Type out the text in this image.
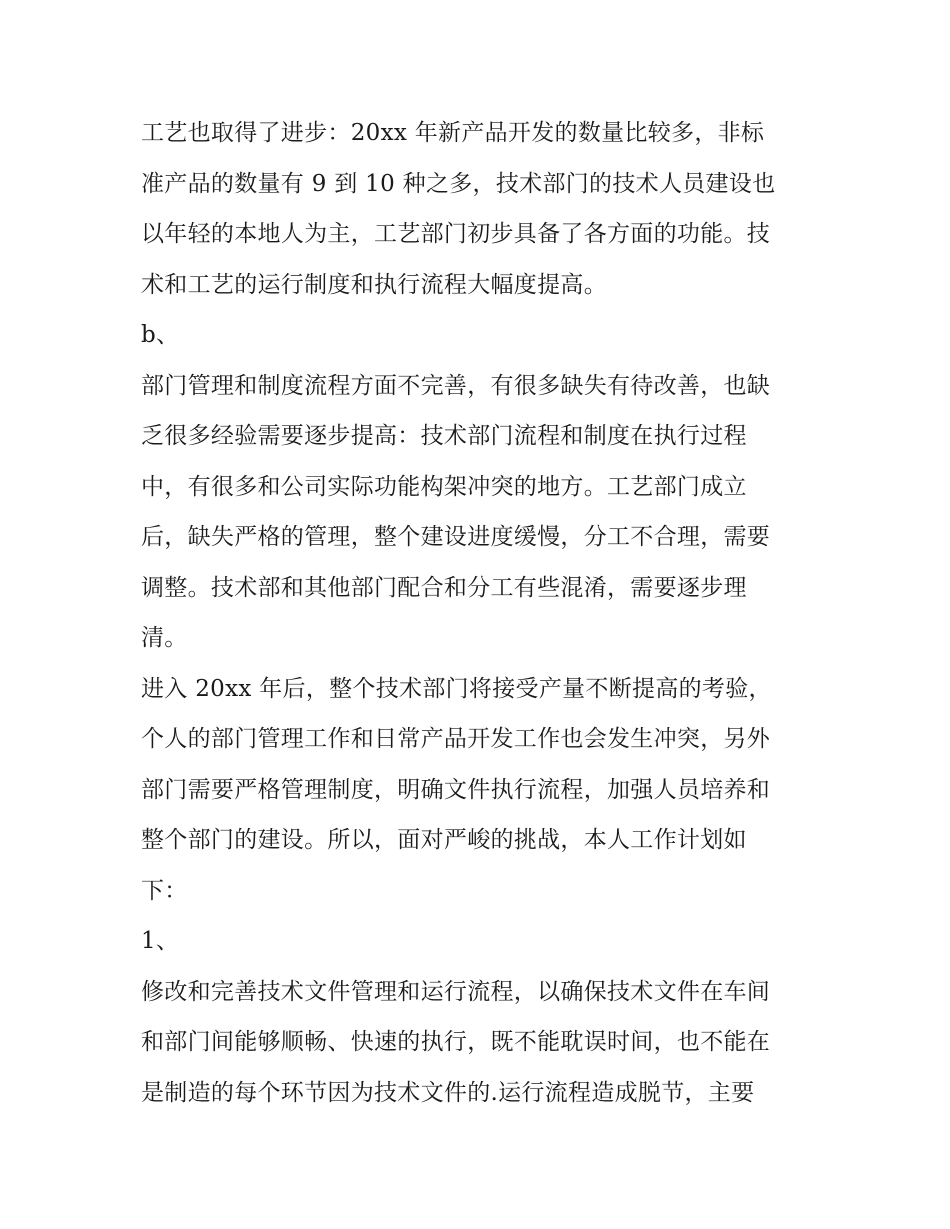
工艺也取得了进步：20xx 年新产品开发的数量比较多，非标
准产品的数量有 9 到 10 种之多，技术部门的技术人员建设也
以年轻的本地人为主，工艺部门初步具备了各方面的功能。技
术和工艺的运行制度和执行流程大幅度提高。
b、
部门管理和制度流程方面不完善，有很多缺失有待改善，也缺
乏很多经验需要逐步提高：技术部门流程和制度在执行过程
中，有很多和公司实际功能构架冲突的地方。工艺部门成立
后，缺失严格的管理，整个建设进度缓慢，分工不合理，需要
调整。技术部和其他部门配合和分工有些混淆，需要逐步理
清。
进入 20xx 年后，整个技术部门将接受产量不断提高的考验，
个人的部门管理工作和日常产品开发工作也会发生冲突，另外
部门需要严格管理制度，明确文件执行流程，加强人员培养和
整个部门的建设。所以，面对严峻的挑战，本人工作计划如
下：
1、
修改和完善技术文件管理和运行流程，以确保技术文件在车间
和部门间能够顺畅、快速的执行，既不能耽误时间，也不能在
是制造的每个环节因为技术文件的.运行流程造成脱节，主要
